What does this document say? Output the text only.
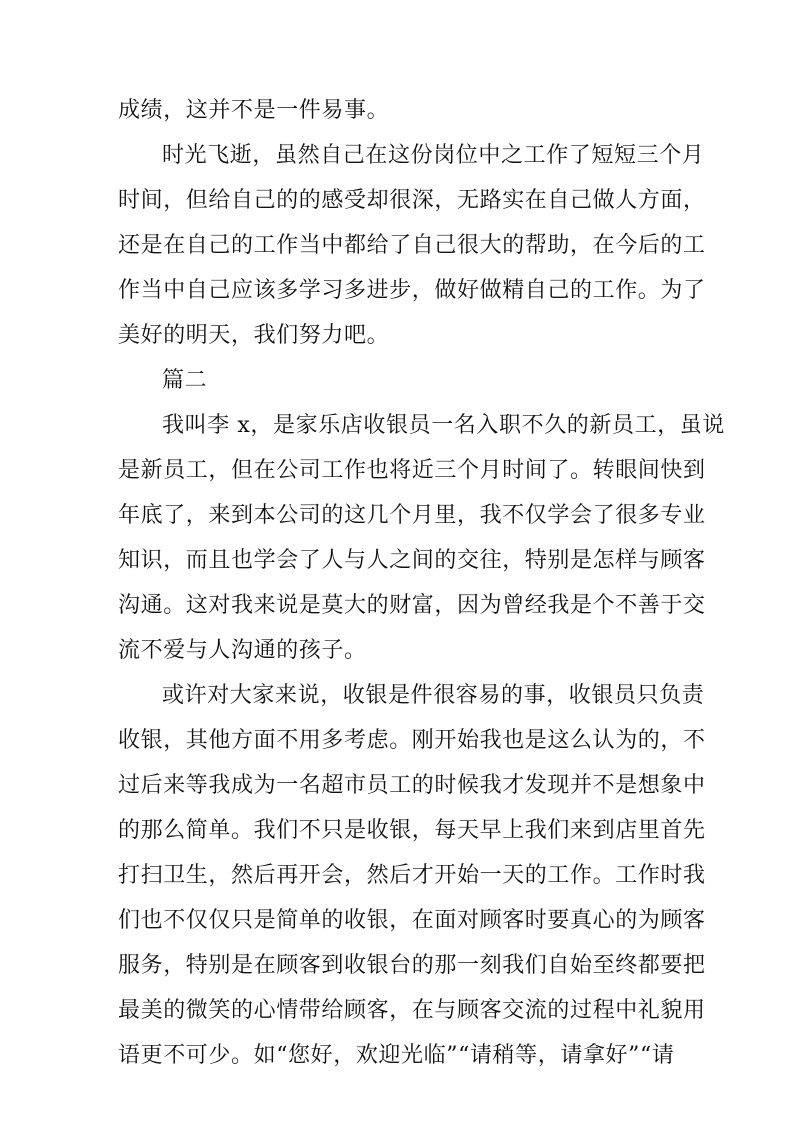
成绩，这并不是一件易事。
时光飞逝，虽然自己在这份岗位中之工作了短短三个月
时间，但给自己的的感受却很深，无路实在自己做人方面，
还是在自己的工作当中都给了自己很大的帮助，在今后的工
作当中自己应该多学习多进步，做好做精自己的工作。为了
美好的明天，我们努力吧。
篇二
我叫李 x，是家乐店收银员一名入职不久的新员工，虽说
是新员工，但在公司工作也将近三个月时间了。转眼间快到
年底了，来到本公司的这几个月里，我不仅学会了很多专业
知识，而且也学会了人与人之间的交往，特别是怎样与顾客
沟通。这对我来说是莫大的财富，因为曾经我是个不善于交
流不爱与人沟通的孩子。
或许对大家来说，收银是件很容易的事，收银员只负责
收银，其他方面不用多考虑。刚开始我也是这么认为的，不
过后来等我成为一名超市员工的时候我才发现并不是想象中
的那么简单。我们不只是收银，每天早上我们来到店里首先
打扫卫生，然后再开会，然后才开始一天的工作。工作时我
们也不仅仅只是简单的收银，在面对顾客时要真心的为顾客
服务，特别是在顾客到收银台的那一刻我们自始至终都要把
最美的微笑的心情带给顾客，在与顾客交流的过程中礼貌用
语更不可少。如“您好，欢迎光临”“请稍等，请拿好”“请
